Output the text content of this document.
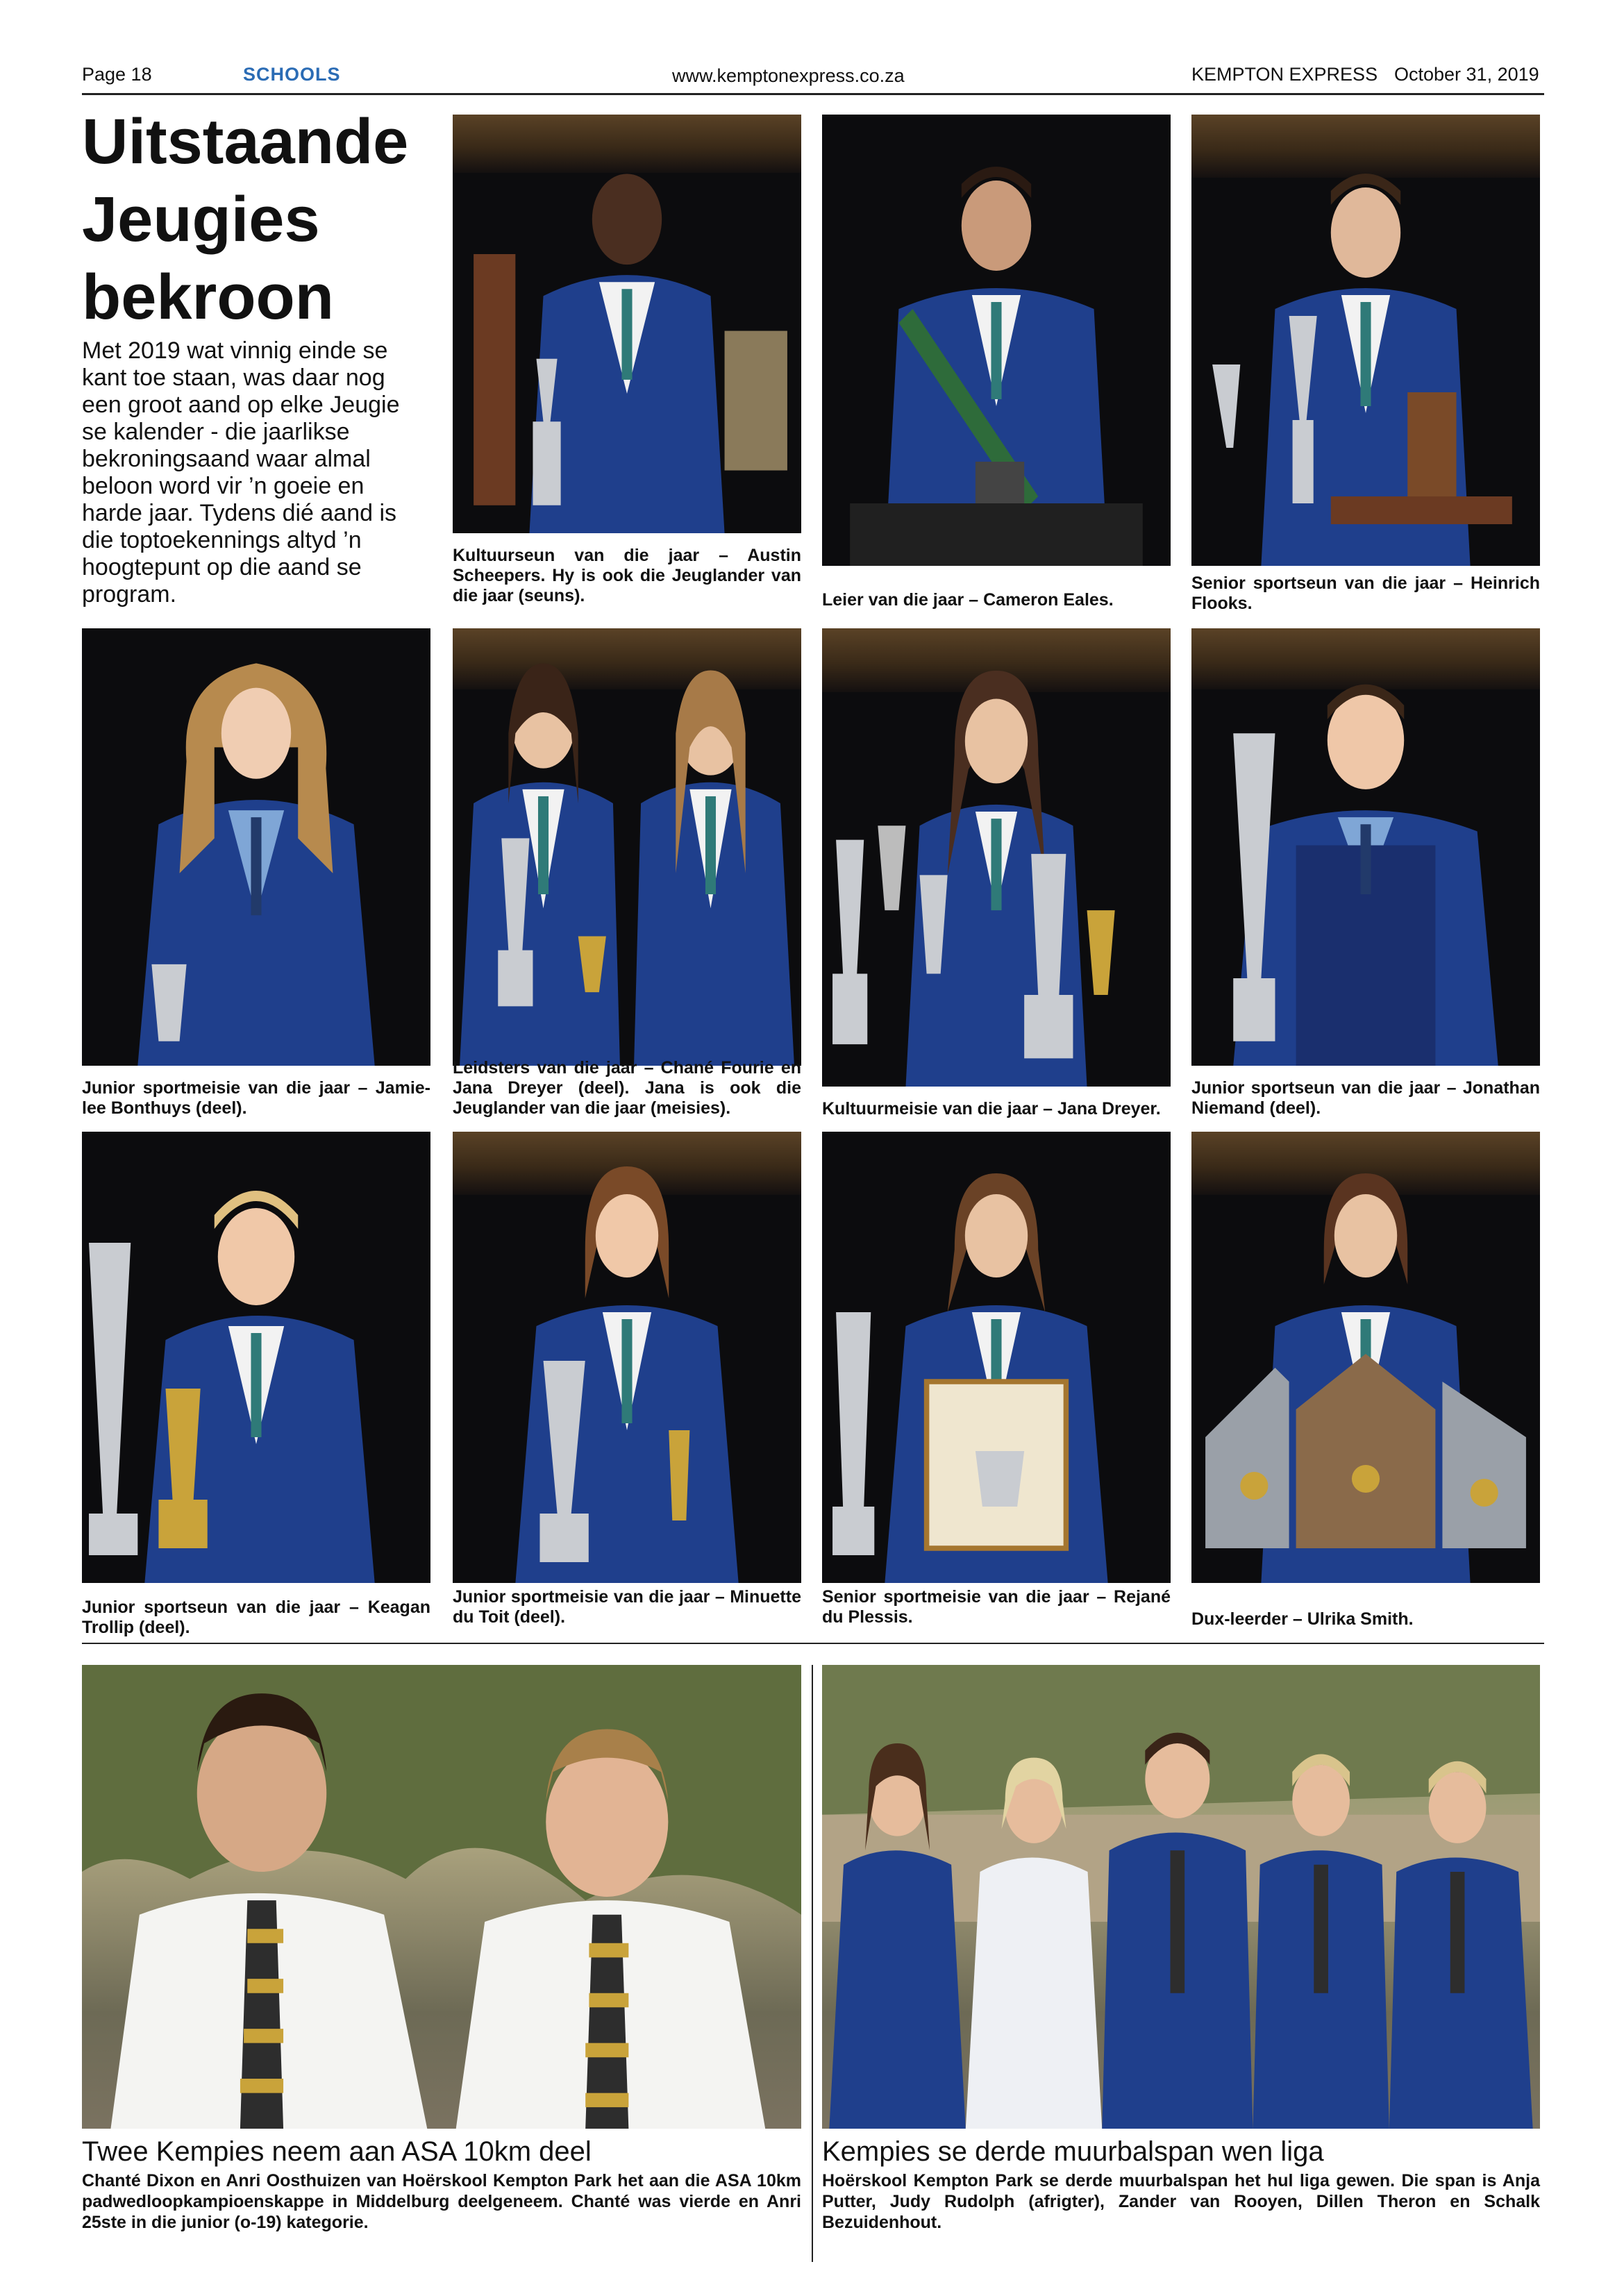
Page 18	SCHOOLS	www.kemptonexpress.co.za	KEMPTON EXPRESS October 31, 2019
Uitstaande
Jeugies
bekroon
Met 2019 wat vinnig einde se kant toe staan, was daar nog een groot aand op elke Jeugie se kalender - die jaarlikse bekroningsaand waar almal beloon word vir ’n goeie en harde jaar. Tydens dié aand is die toptoekennings altyd ’n hoogtepunt op die aand se program.
Kultuurseun van die jaar – Austin Scheepers. Hy is ook die Jeuglander van die jaar (seuns).	Leier van die jaar – Cameron Eales.
Senior sportseun van die jaar – Heinrich Flooks.
Junior sportmeisie van die jaar – Jamie-lee Bonthuys (deel).
Leidsters van die jaar – Chané Fourie en Jana Dreyer (deel). Jana is ook die Jeuglander van die jaar (meisies).	Kultuurmeisie van die jaar – Jana Dreyer.
Junior sportseun van die jaar – Jonathan Niemand (deel).
Junior sportseun van die jaar – Keagan Trollip (deel).
Junior sportmeisie van die jaar – Minuette du Toit (deel).
Senior sportmeisie van die jaar – Rejané du Plessis.	Dux-leerder – Ulrika Smith.
Twee Kempies neem aan ASA 10km deel
Chanté Dixon en Anri Oosthuizen van Hoërskool Kempton Park het aan die ASA 10km padwedloopkampioenskappe in Middelburg deelgeneem. Chanté was vierde en Anri 25ste in die junior (o-19) kategorie.
Kempies se derde muurbalspan wen liga
Hoërskool Kempton Park se derde muurbalspan het hul liga gewen. Die span is Anja Putter, Judy Rudolph (afrigter), Zander van Rooyen, Dillen Theron en Schalk Bezuidenhout.
